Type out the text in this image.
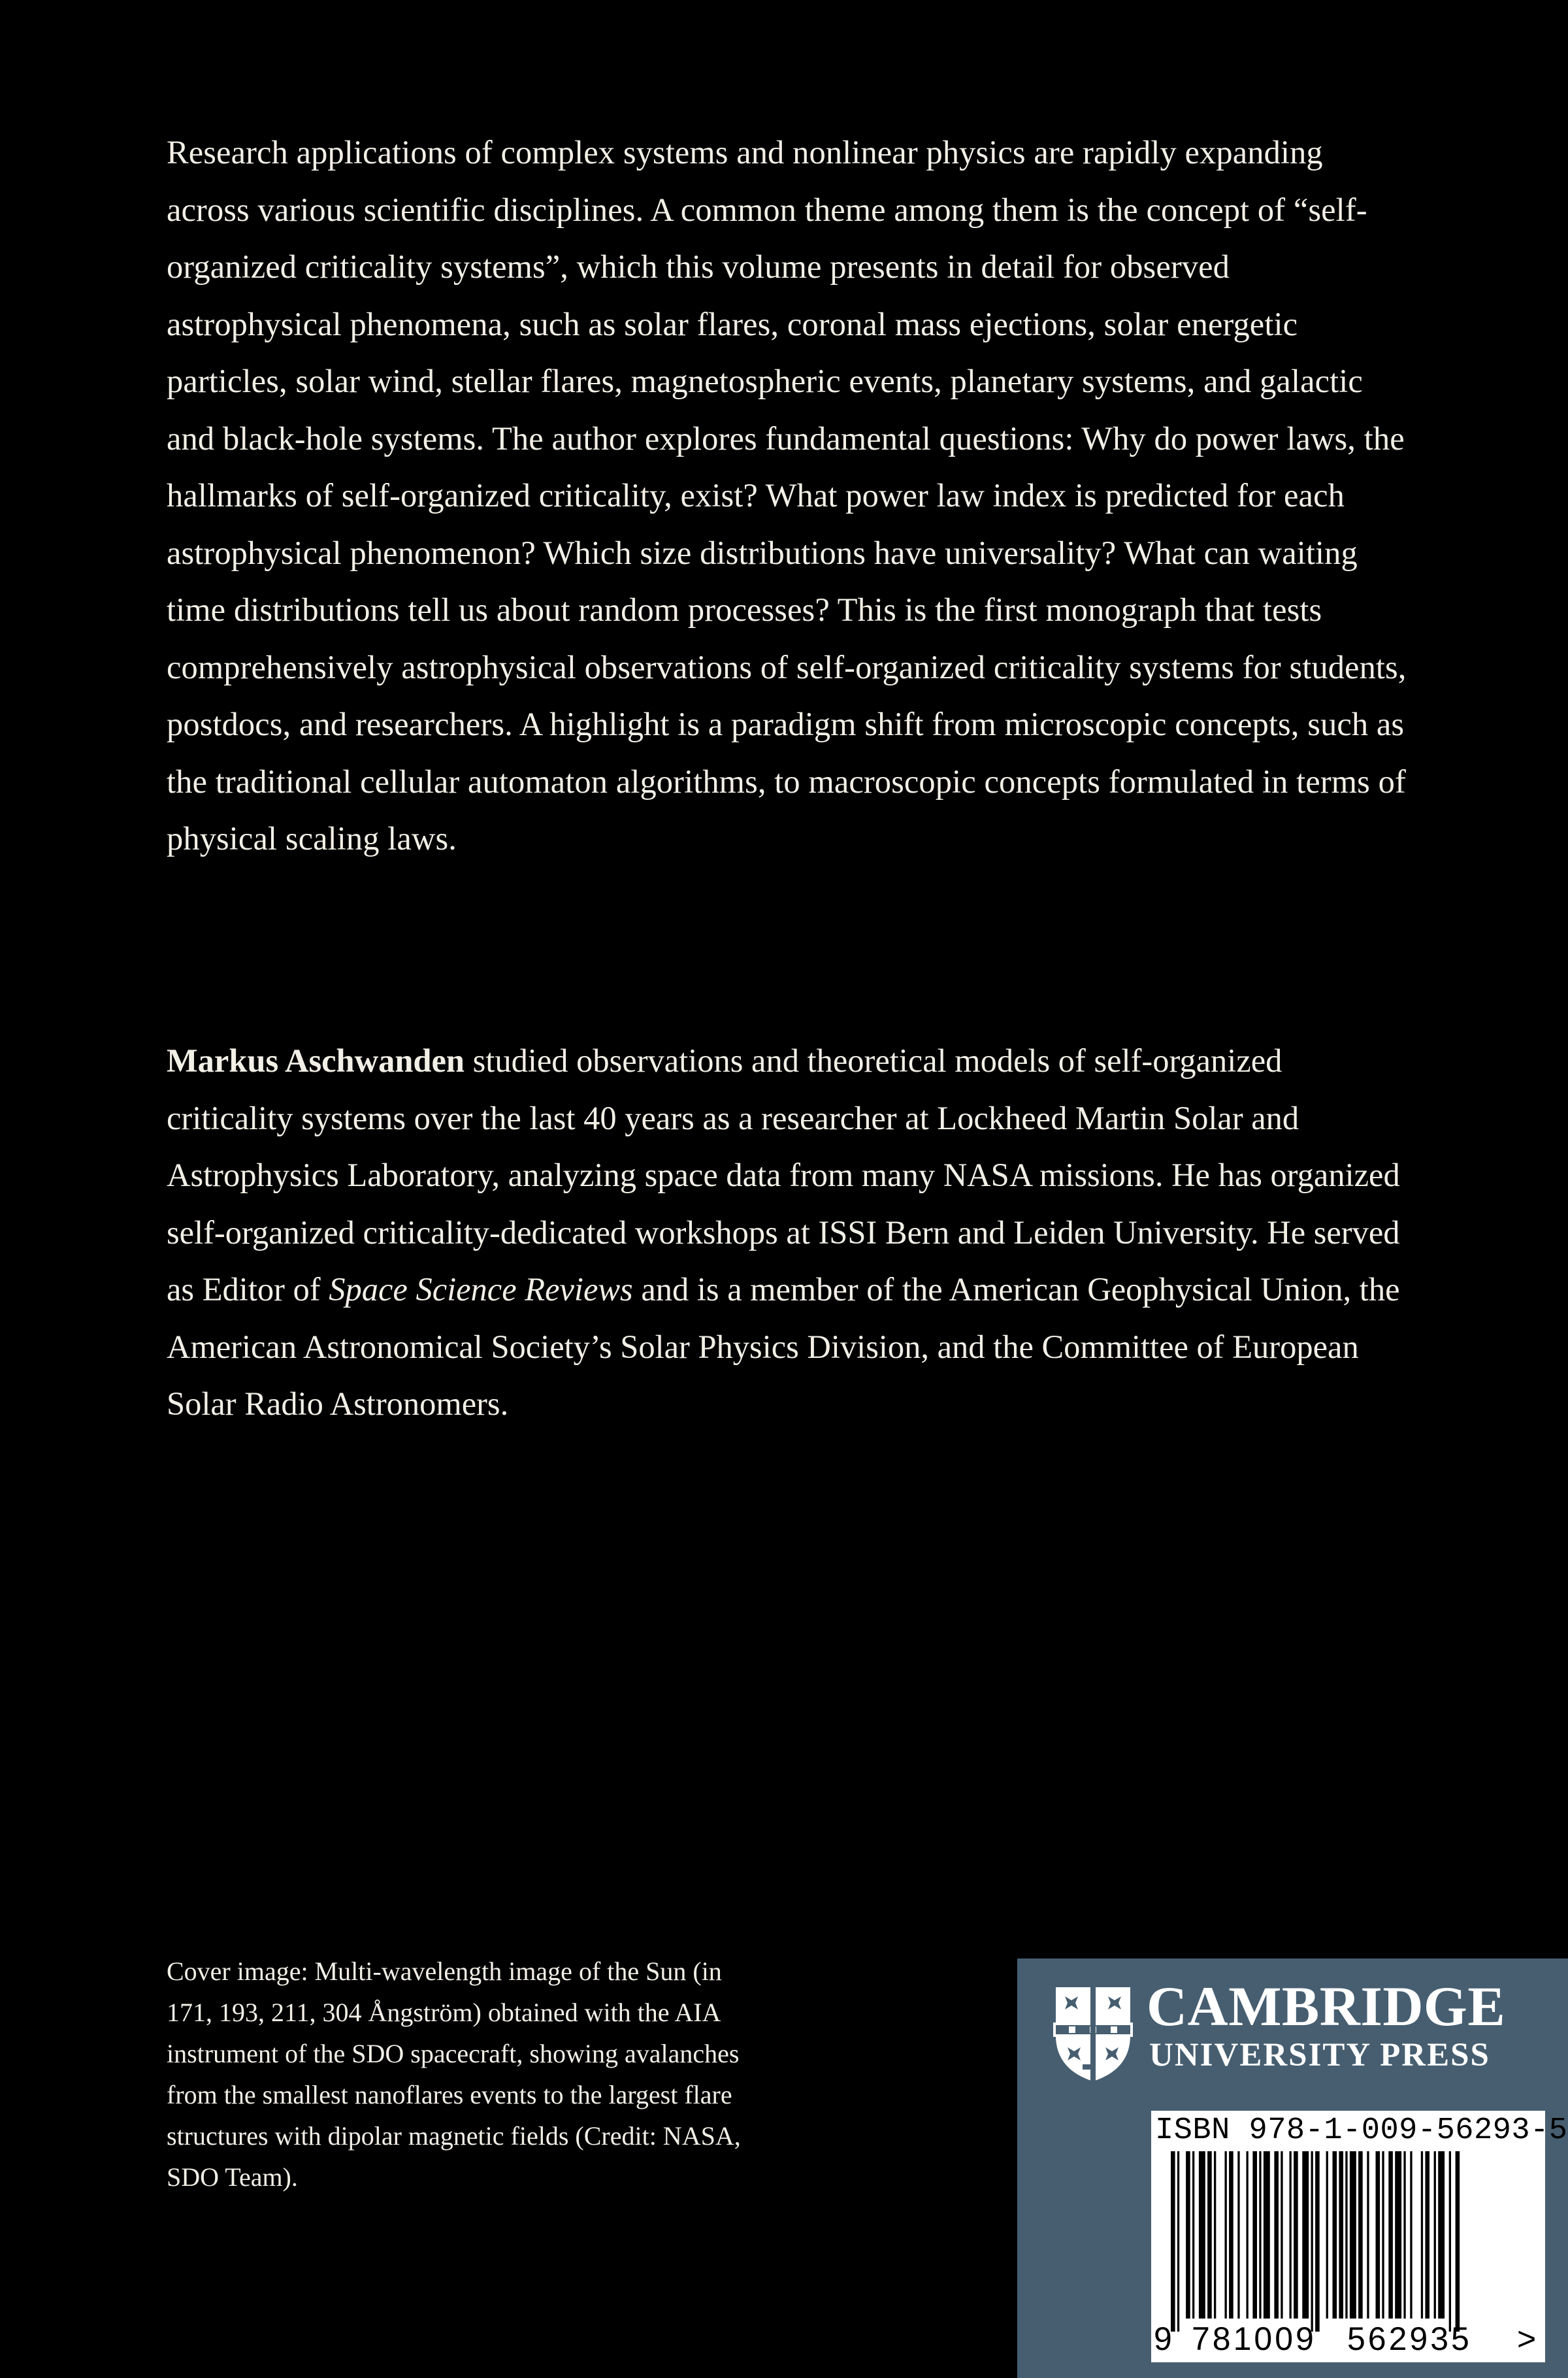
Research applications of complex systems and nonlinear physics are rapidly expanding across various scientific disciplines. A common theme among them is the concept of “self-organized criticality systems”, which this volume presents in detail for observed astrophysical phenomena, such as solar flares, coronal mass ejections, solar energetic particles, solar wind, stellar flares, magnetospheric events, planetary systems, and galactic and black-hole systems. The author explores fundamental questions: Why do power laws, the hallmarks of self-organized criticality, exist? What power law index is predicted for each astrophysical phenomenon? Which size distributions have universality? What can waiting time distributions tell us about random processes? This is the first monograph that tests comprehensively astrophysical observations of self-organized criticality systems for students, postdocs, and researchers. A highlight is a paradigm shift from microscopic concepts, such as the traditional cellular automaton algorithms, to macroscopic concepts formulated in terms of physical scaling laws.

Markus Aschwanden studied observations and theoretical models of self-organized criticality systems over the last 40 years as a researcher at Lockheed Martin Solar and Astrophysics Laboratory, analyzing space data from many NASA missions. He has organized self-organized criticality-dedicated workshops at ISSI Bern and Leiden University. He served as Editor of Space Science Reviews and is a member of the American Geophysical Union, the American Astronomical Society’s Solar Physics Division, and the Committee of European Solar Radio Astronomers.

Cover image: Multi-wavelength image of the Sun (in 171, 193, 211, 304 Ångström) obtained with the AIA instrument of the SDO spacecraft, showing avalanches from the smallest nanoflares events to the largest flare structures with dipolar magnetic fields (Credit: NASA, SDO Team).

CAMBRIDGE
UNIVERSITY PRESS
ISBN 978-1-009-56293-5
9 781009 562935 >
